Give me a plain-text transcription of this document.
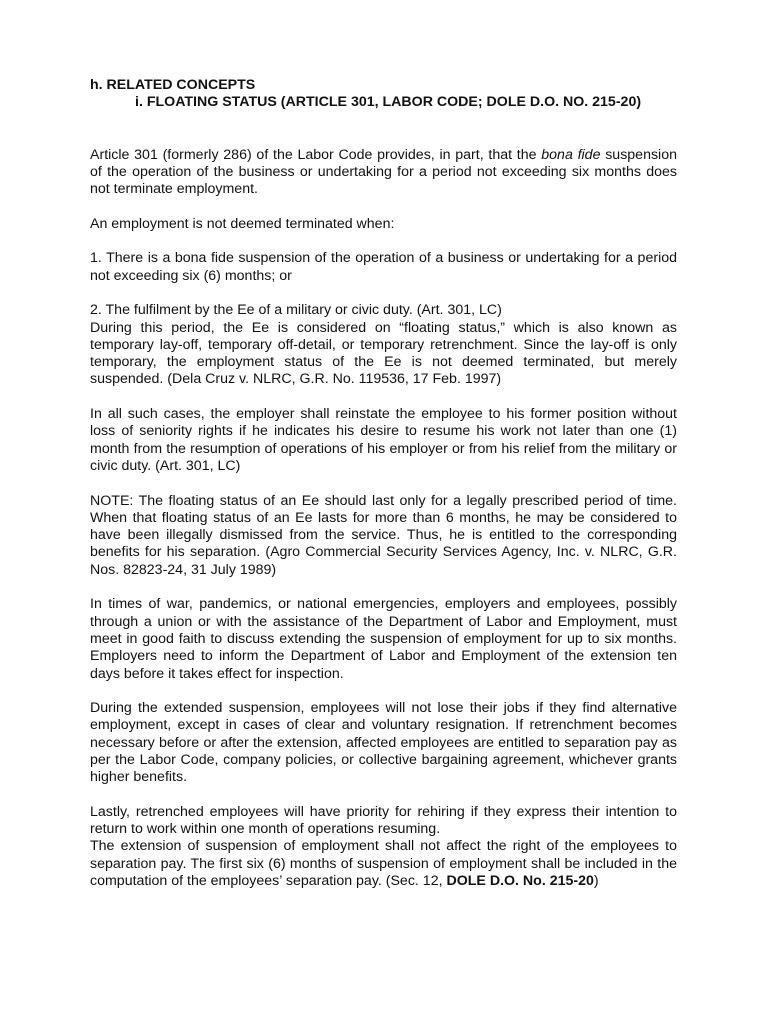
h. RELATED CONCEPTS

i. FLOATING STATUS (ARTICLE 301, LABOR CODE; DOLE D.O. NO. 215-20)

Article 301 (formerly 286) of the Labor Code provides, in part, that the bona fide suspension of the operation of the business or undertaking for a period not exceeding six months does not terminate employment.

An employment is not deemed terminated when:

1. There is a bona fide suspension of the operation of a business or undertaking for a period not exceeding six (6) months; or

2. The fulfilment by the Ee of a military or civic duty. (Art. 301, LC)

During this period, the Ee is considered on “floating status,” which is also known as temporary lay-off, temporary off-detail, or temporary retrenchment. Since the lay-off is only temporary, the employment status of the Ee is not deemed terminated, but merely suspended. (Dela Cruz v. NLRC, G.R. No. 119536, 17 Feb. 1997)

In all such cases, the employer shall reinstate the employee to his former position without loss of seniority rights if he indicates his desire to resume his work not later than one (1) month from the resumption of operations of his employer or from his relief from the military or civic duty. (Art. 301, LC)

NOTE: The floating status of an Ee should last only for a legally prescribed period of time. When that floating status of an Ee lasts for more than 6 months, he may be considered to have been illegally dismissed from the service. Thus, he is entitled to the corresponding benefits for his separation. (Agro Commercial Security Services Agency, Inc. v. NLRC, G.R. Nos. 82823-24, 31 July 1989)

In times of war, pandemics, or national emergencies, employers and employees, possibly through a union or with the assistance of the Department of Labor and Employment, must meet in good faith to discuss extending the suspension of employment for up to six months. Employers need to inform the Department of Labor and Employment of the extension ten days before it takes effect for inspection.

During the extended suspension, employees will not lose their jobs if they find alternative employment, except in cases of clear and voluntary resignation. If retrenchment becomes necessary before or after the extension, affected employees are entitled to separation pay as per the Labor Code, company policies, or collective bargaining agreement, whichever grants higher benefits.

Lastly, retrenched employees will have priority for rehiring if they express their intention to return to work within one month of operations resuming.

The extension of suspension of employment shall not affect the right of the employees to separation pay. The first six (6) months of suspension of employment shall be included in the computation of the employees’ separation pay. (Sec. 12, DOLE D.O. No. 215-20)
